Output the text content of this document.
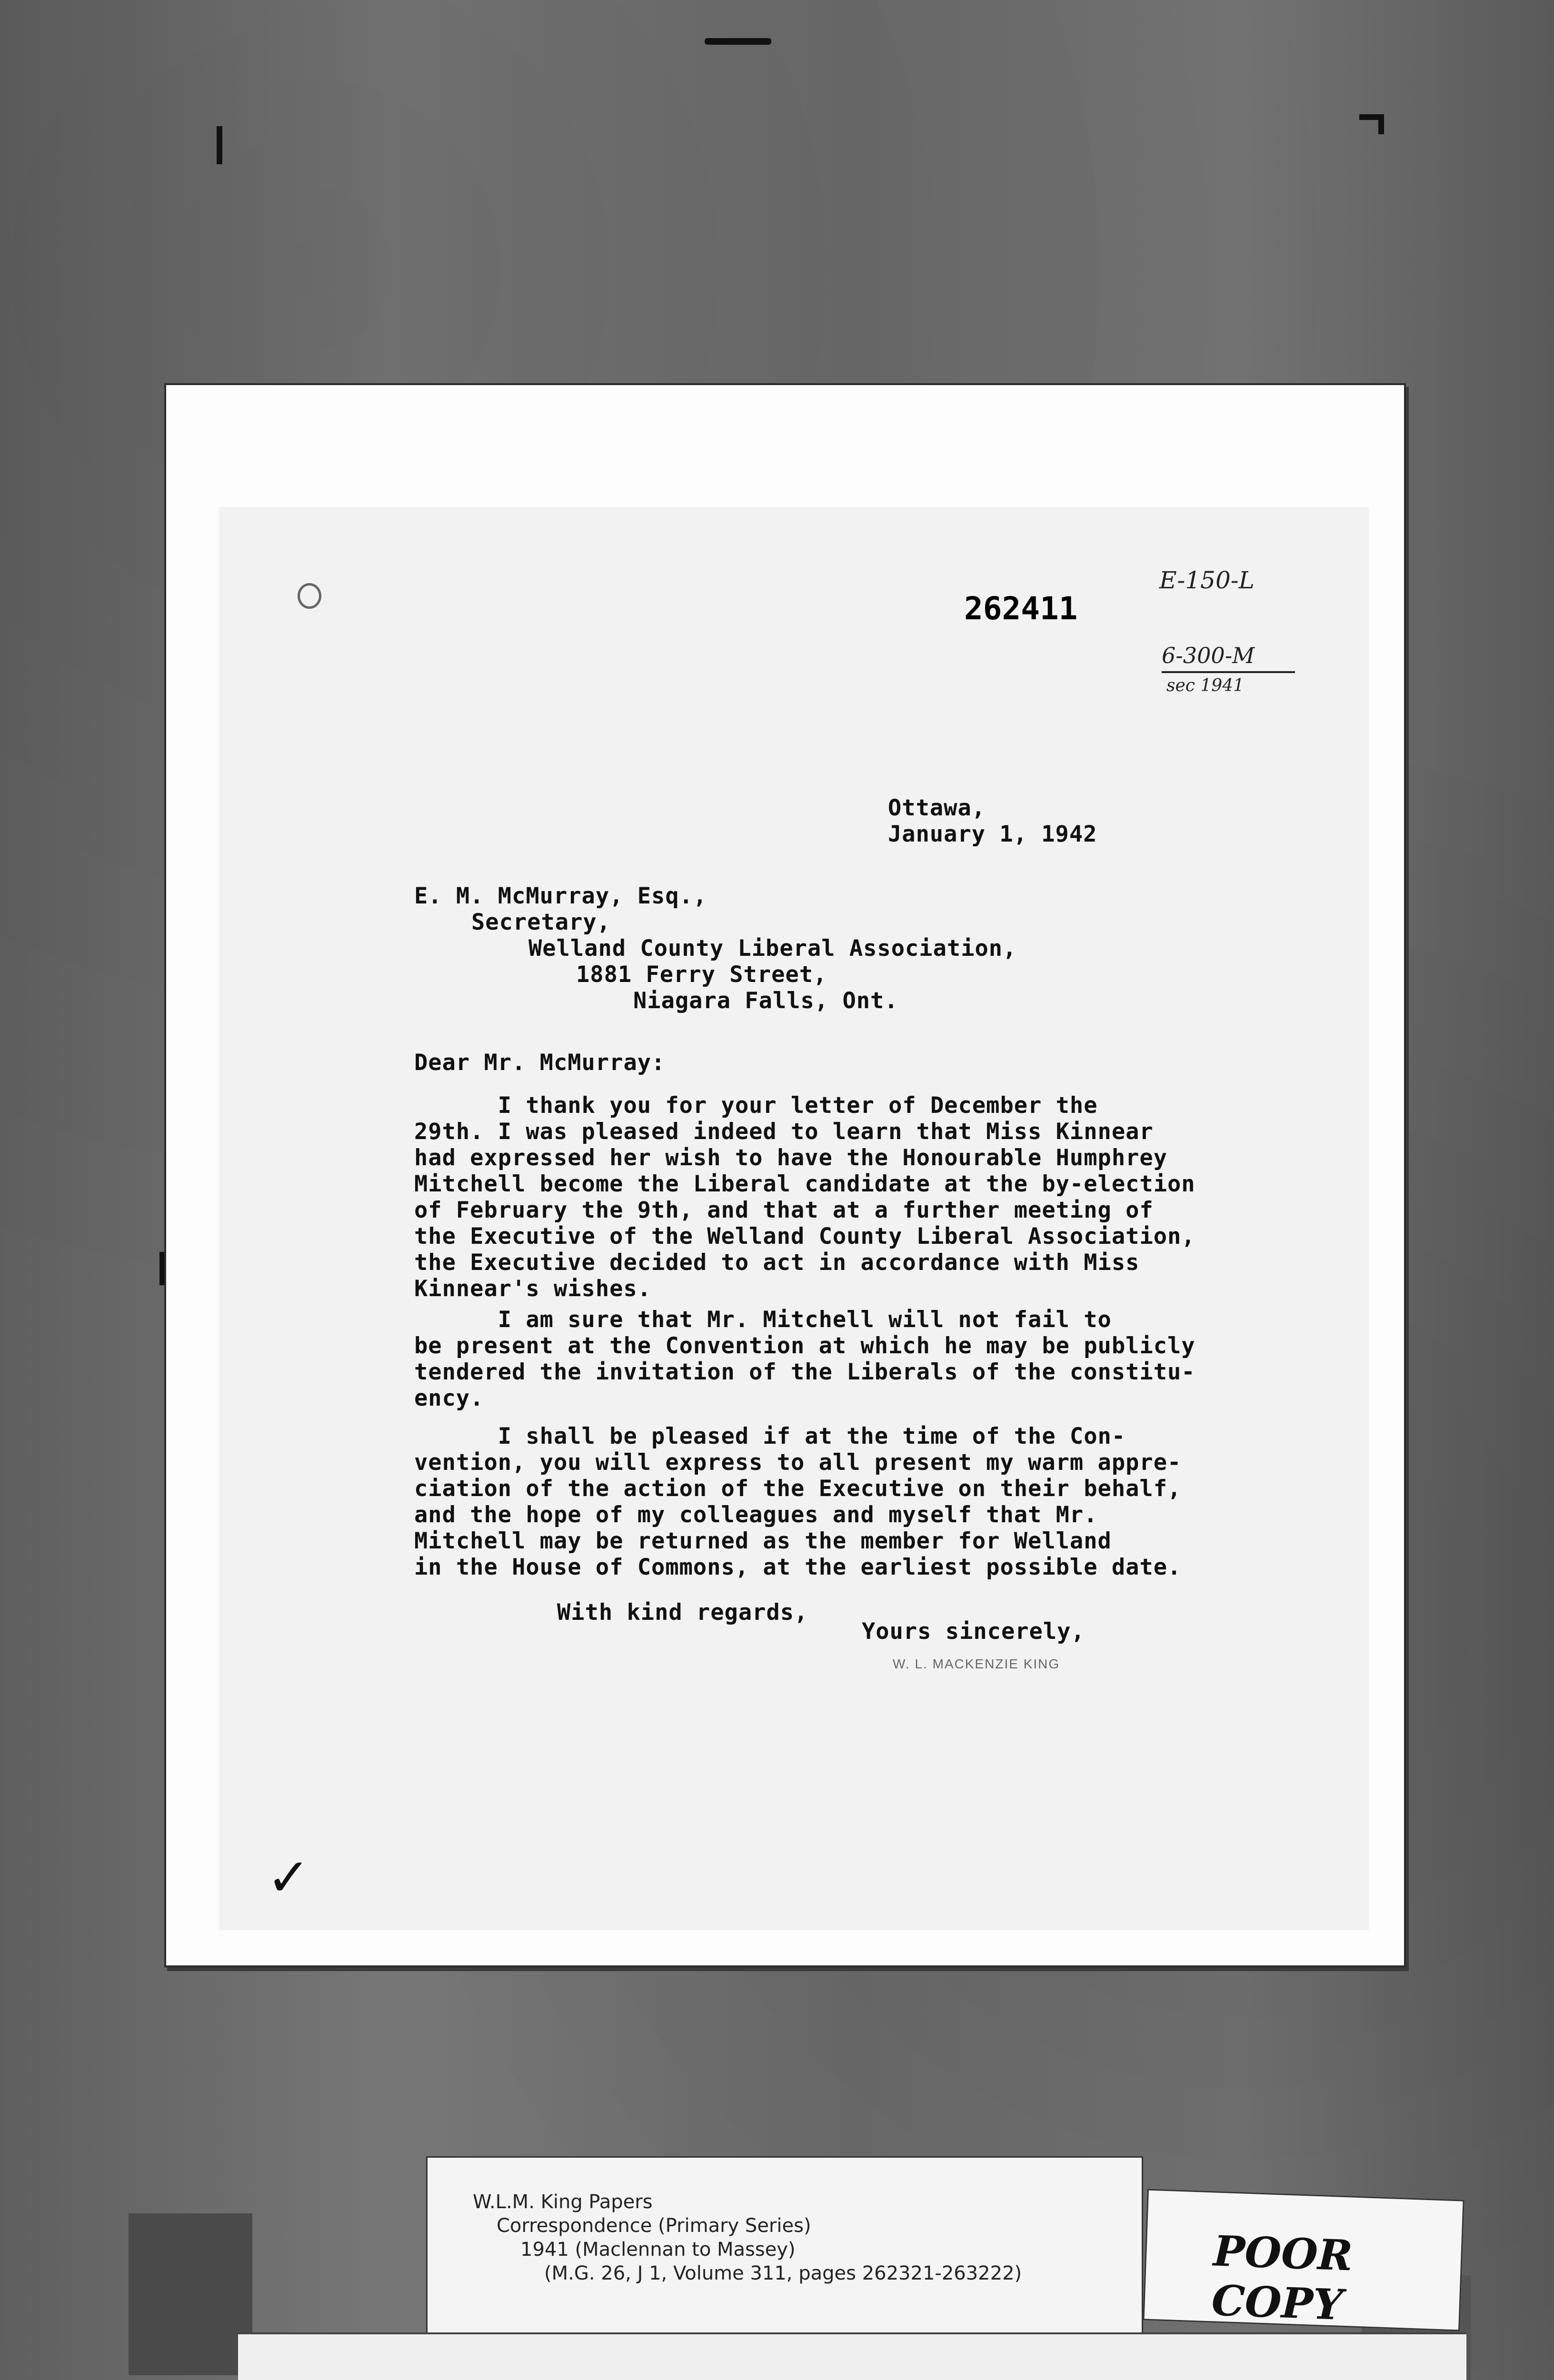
262411
E-150-L
6-300-M
sec 1941
Ottawa,
January 1, 1942
E. M. McMurray, Esq.,
Secretary,
Welland County Liberal Association,
1881 Ferry Street,
Niagara Falls, Ont.
Dear Mr. McMurray:
I thank you for your letter of December the
29th. I was pleased indeed to learn that Miss Kinnear
had expressed her wish to have the Honourable Humphrey
Mitchell become the Liberal candidate at the by-election
of February the 9th, and that at a further meeting of
the Executive of the Welland County Liberal Association,
the Executive decided to act in accordance with Miss
Kinnear's wishes.
I am sure that Mr. Mitchell will not fail to
be present at the Convention at which he may be publicly
tendered the invitation of the Liberals of the constitu-
ency.
I shall be pleased if at the time of the Con-
vention, you will express to all present my warm appre-
ciation of the action of the Executive on their behalf,
and the hope of my colleagues and myself that Mr.
Mitchell may be returned as the member for Welland
in the House of Commons, at the earliest possible date.
With kind regards,
Yours sincerely,
W. L. MACKENZIE KING
✓
W.L.M. King Papers
Correspondence (Primary Series)
1941 (Maclennan to Massey)
(M.G. 26, J 1, Volume 311, pages 262321-263222)	POOR COPY
